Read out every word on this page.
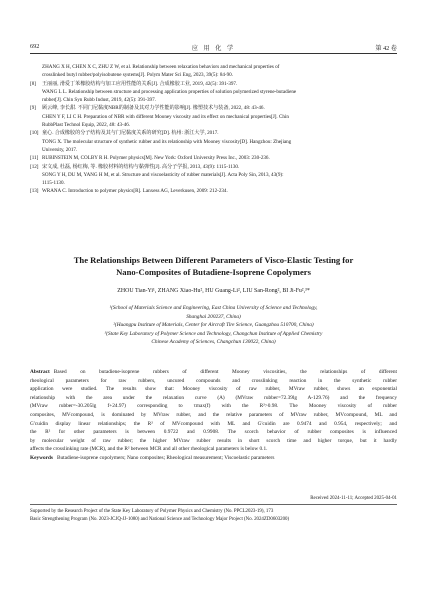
应 用 化 学
692	第 42 卷
ZHANG X H, CHEN X C, ZHU Z W, et al. Relationship between relaxation behaviors and mechanical properties of
crosslinked butyl rubber/polyisobutene systems[J]. Polym Mater Sci Eng, 2023, 39(5): 84-90.
[8]	王丽丽, 滑爱丁苯橡胶结构与加工应用性能的关系[J]. 合成橡胶工业, 2019, 42(5): 391-397.
WANG L L. Relationship between structure and processing application properties of solution polymerized styrene-butadiene
rubber[J]. Chin Syn Rubb Indust, 2019, 42(5): 391-397.
[9]	顾云峰, 李长甜. 不同门尼黏度NBR的制备及其对力学性能的影响[J]. 橡塑技术与装备, 2022, 48: 43-46.
CHEN Y F, LI C H. Preparation of NBR with different Mooney viscosity and its effect on mechanical properties[J]. Chin
RubbPlast Technol Equip, 2022, 48: 43-46.
[10] 童心. 合成橡胶的分子结构及其与门尼黏度关系的研究[D]. 杭州: 浙江大学, 2017.
TONG X. The molecular structure of synthetic rubber and its relationship with Mooney viscosity[D]. Hangzhou: Zhejiang
University, 2017.
[11] RUBINSTEIN M, COLBY R H. Polymer physics[M]. New York: Oxford University Press Inc., 2003: 230-236.
[12] 宋文成, 杜磊, 杨红梅, 等. 橡胶材料的结构与黏弹性[J]. 高分子学报, 2013, 43(9): 1115-1130.
SONG Y H, DU M, YANG H M, et al. Structure and viscoelasticity of rubber materials[J]. Acta Poly Sin, 2013, 43(9):
1115-1130.
[13] WRANA C. Introduction to polymer physics[R]. Lanxess AG, Leverkusen, 2009: 212-234.
The Relationships Between Different Parameters of Visco-Elastic Testing for
Nano-Composites of Butadiene-Isoprene Copolymers
ZHOU Tian-Yi¹, ZHANG Xiao-Hu², HU Guang-Li², LIU San-Rong², BI Ji-Fu²,³*
¹(School of Materials Science and Engineering, East China University of Science and Technology,
Shanghai 200237, China)
²(Huangpu Institute of Materials, Center for Aircraft Tire Science, Guangzhou 510700, China)
³(State Key Laboratory of Polymer Science and Technology, Changchun Institute of Applied Chemistry
Chinese Academy of Sciences, Changchun 130022, China)
Abstract Based on butadiene-isoprene rubbers of different Mooney viscosities, the relationships of different
rheological parameters for raw rubbers, uncured compounds and crosslinking reaction in the synthetic rubber
application were studied. The results show that: Mooney viscosity of raw rubber, MVraw rubber, shows an exponential
relationship with the area under the relaxation curve (A) (MVraw rubber=72.39lg A-129.76) and the frequency
(MVraw rubber=-30.205lg f+24.97) corresponding to τmax(f) with the R²>0.98. The Mooney viscosity of rubber
composites, MVcompound, is dominated by MVraw rubber, and the relative parameters of MVraw rubber, MVcompound, ML and
G'cuidin display linear relationships; the R² of MVcompound with ML and G'cuidin are 0.9474 and 0.954, respectively; and
the R² for other parameters is between 0.9722 and 0.9908. The scorch behavior of rubber composites is influenced
by molecular weight of raw rubber; the higher MVraw rubber results in short scorch time and higher torque, but it hardly
affects the crosslinking rate (MCR), and the R² between MCR and all other rheological parameters is below 0.1.
Keywords Butadiene-isoprene copolymers; Nano composites; Rheological measurement; Viscoelastic parameters
Received 2024-11-11; Accepted 2025-04-01
Supported by the Research Project of the State Key Laboratory of Polymer Physics and Chemistry (No. PPCL2023-19), 173
Basic Strengthening Program (No. 2023-JCJQ-JJ-1080) and National Science and Technology Major Project (No. 2024ZD0603200)
